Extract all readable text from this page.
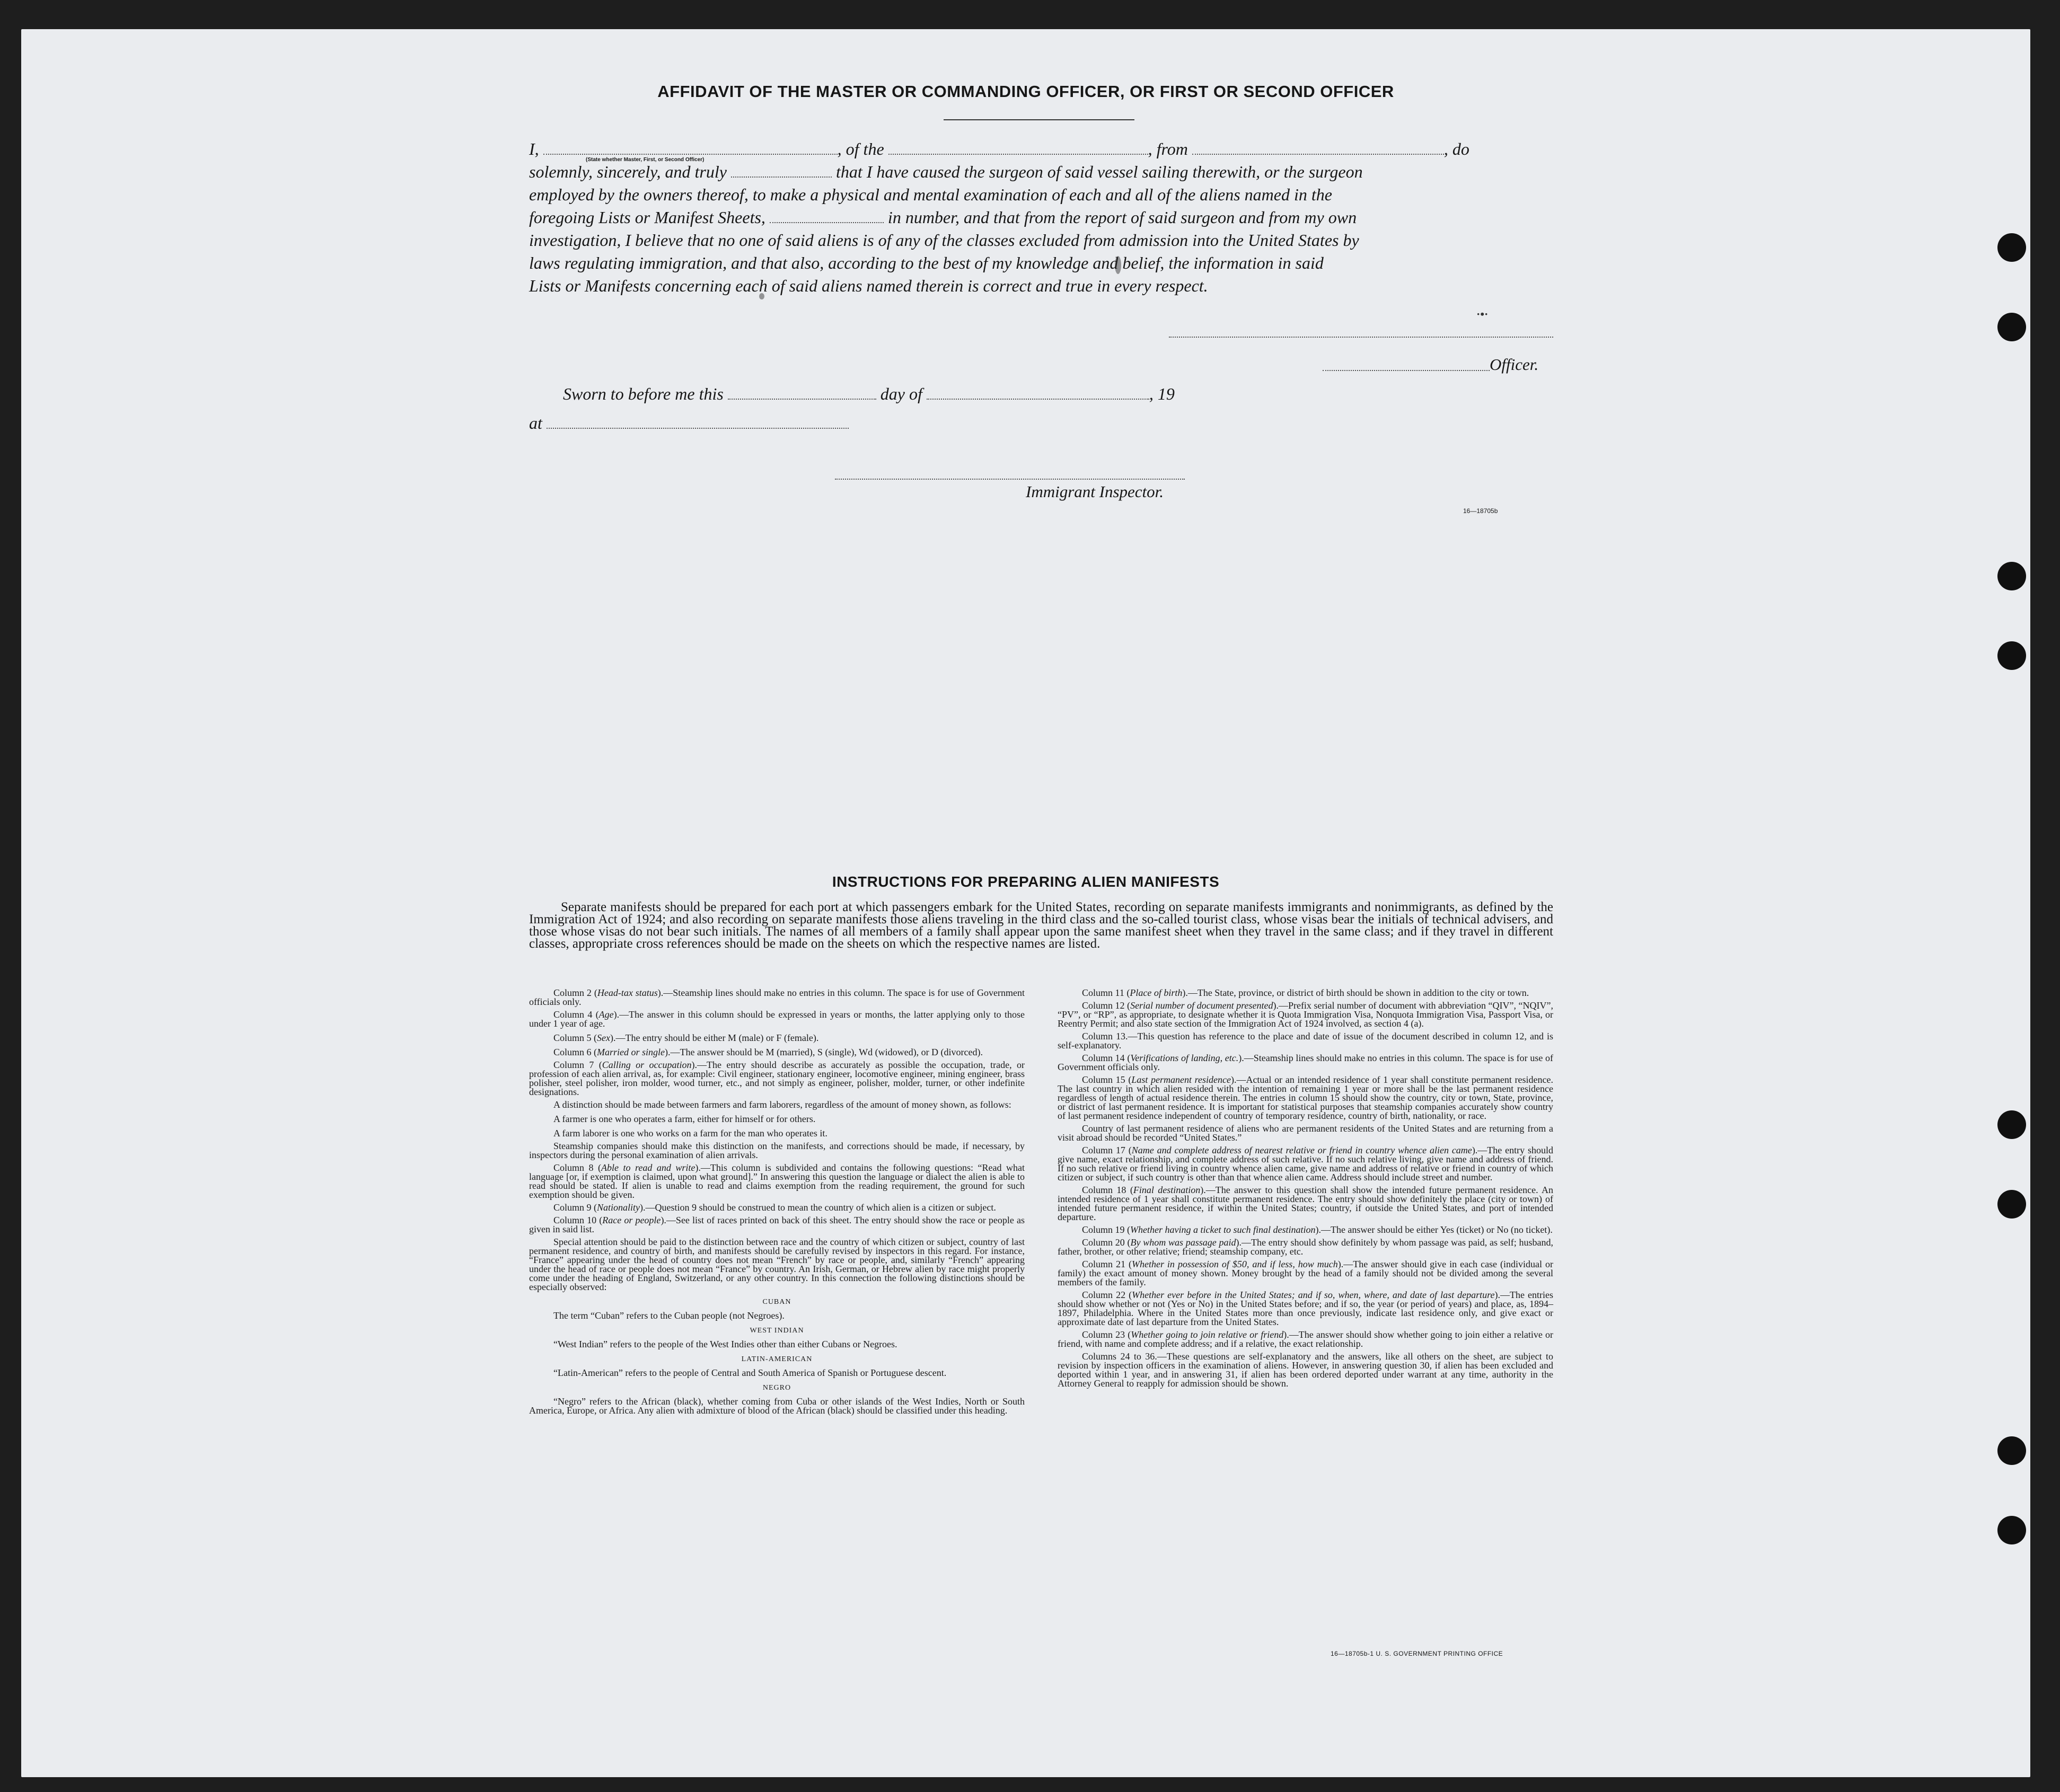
AFFIDAVIT OF THE MASTER OR COMMANDING OFFICER, OR FIRST OR SECOND OFFICER
I,	, of the	, from	, do
solemnly, sincerely, and truly	that I have caused the surgeon of said vessel sailing therewith, or the surgeon
employed by the owners thereof, to make a physical and mental examination of each and all of the aliens named in the
foregoing Lists or Manifest Sheets,	in number, and that from the report of said surgeon and from my own
investigation, I believe that no one of said aliens is of any of the classes excluded from admission into the United States by
laws regulating immigration, and that also, according to the best of my knowledge and belief, the information in said
Lists or Manifests concerning each of said aliens named therein is correct and true in every respect.
(State whether Master, First, or Second Officer)
Officer.
Sworn to before me this	day of	, 19
at
Immigrant Inspector.
16—18705b
·•·
INSTRUCTIONS FOR PREPARING ALIEN MANIFESTS

Separate manifests should be prepared for each port at which passengers embark for the United States, recording on separate manifests immigrants and nonimmigrants, as defined by the Immigration Act of 1924; and also recording on separate manifests those aliens traveling in the third class and the so-called tourist class, whose visas bear the initials of technical advisers, and those whose visas do not bear such initials. The names of all members of a family shall appear upon the same manifest sheet when they travel in the same class; and if they travel in different classes, appropriate cross references should be made on the sheets on which the respective names are listed.

Column 2 (Head-tax status).—Steamship lines should make no entries in this column. The space is for use of Government officials only.

Column 4 (Age).—The answer in this column should be expressed in years or months, the latter applying only to those under 1 year of age.

Column 5 (Sex).—The entry should be either M (male) or F (female).

Column 6 (Married or single).—The answer should be M (married), S (single), Wd (widowed), or D (divorced).

Column 7 (Calling or occupation).—The entry should describe as accurately as possible the occupation, trade, or profession of each alien arrival, as, for example: Civil engineer, stationary engineer, locomotive engineer, mining engineer, brass polisher, steel polisher, iron molder, wood turner, etc., and not simply as engineer, polisher, molder, turner, or other indefinite designations.

A distinction should be made between farmers and farm laborers, regardless of the amount of money shown, as follows:

A farmer is one who operates a farm, either for himself or for others.

A farm laborer is one who works on a farm for the man who operates it.

Steamship companies should make this distinction on the manifests, and corrections should be made, if necessary, by inspectors during the personal examination of alien arrivals.

Column 8 (Able to read and write).—This column is subdivided and contains the following questions: “Read what language [or, if exemption is claimed, upon what ground].” In answering this question the language or dialect the alien is able to read should be stated. If alien is unable to read and claims exemption from the reading requirement, the ground for such exemption should be given.

Column 9 (Nationality).—Question 9 should be construed to mean the country of which alien is a citizen or subject.

Column 10 (Race or people).—See list of races printed on back of this sheet. The entry should show the race or people as given in said list.

Special attention should be paid to the distinction between race and the country of which citizen or subject, country of last permanent residence, and country of birth, and manifests should be carefully revised by inspectors in this regard. For instance, “France” appearing under the head of country does not mean “French” by race or people, and, similarly “French” appearing under the head of race or people does not mean “France” by country. An Irish, German, or Hebrew alien by race might properly come under the heading of England, Switzerland, or any other country. In this connection the following distinctions should be especially observed:

CUBAN

The term “Cuban” refers to the Cuban people (not Negroes).

WEST INDIAN

“West Indian” refers to the people of the West Indies other than either Cubans or Negroes.

LATIN-AMERICAN

“Latin-American” refers to the people of Central and South America of Spanish or Portuguese descent.

NEGRO

“Negro” refers to the African (black), whether coming from Cuba or other islands of the West Indies, North or South America, Europe, or Africa. Any alien with admixture of blood of the African (black) should be classified under this heading.

Column 11 (Place of birth).—The State, province, or district of birth should be shown in addition to the city or town.

Column 12 (Serial number of document presented).—Prefix serial number of document with abbreviation “QIV”, “NQIV”, “PV”, or “RP”, as appropriate, to designate whether it is Quota Immigration Visa, Nonquota Immigration Visa, Passport Visa, or Reentry Permit; and also state section of the Immigration Act of 1924 involved, as section 4 (a).

Column 13.—This question has reference to the place and date of issue of the document described in column 12, and is self-explanatory.

Column 14 (Verifications of landing, etc.).—Steamship lines should make no entries in this column. The space is for use of Government officials only.

Column 15 (Last permanent residence).—Actual or an intended residence of 1 year shall constitute permanent residence. The last country in which alien resided with the intention of remaining 1 year or more shall be the last permanent residence regardless of length of actual residence therein. The entries in column 15 should show the country, city or town, State, province, or district of last permanent residence. It is important for statistical purposes that steamship companies accurately show country of last permanent residence independent of country of temporary residence, country of birth, nationality, or race.

Country of last permanent residence of aliens who are permanent residents of the United States and are returning from a visit abroad should be recorded “United States.”

Column 17 (Name and complete address of nearest relative or friend in country whence alien came).—The entry should give name, exact relationship, and complete address of such relative. If no such relative living, give name and address of friend. If no such relative or friend living in country whence alien came, give name and address of relative or friend in country of which citizen or subject, if such country is other than that whence alien came. Address should include street and number.

Column 18 (Final destination).—The answer to this question shall show the intended future permanent residence. An intended residence of 1 year shall constitute permanent residence. The entry should show definitely the place (city or town) of intended future permanent residence, if within the United States; country, if outside the United States, and port of intended departure.

Column 19 (Whether having a ticket to such final destination).—The answer should be either Yes (ticket) or No (no ticket).

Column 20 (By whom was passage paid).—The entry should show definitely by whom passage was paid, as self; husband, father, brother, or other relative; friend; steamship company, etc.

Column 21 (Whether in possession of $50, and if less, how much).—The answer should give in each case (individual or family) the exact amount of money shown. Money brought by the head of a family should not be divided among the several members of the family.

Column 22 (Whether ever before in the United States; and if so, when, where, and date of last departure).—The entries should show whether or not (Yes or No) in the United States before; and if so, the year (or period of years) and place, as, 1894–1897, Philadelphia. Where in the United States more than once previously, indicate last residence only, and give exact or approximate date of last departure from the United States.

Column 23 (Whether going to join relative or friend).—The answer should show whether going to join either a relative or friend, with name and complete address; and if a relative, the exact relationship.

Columns 24 to 36.—These questions are self-explanatory and the answers, like all others on the sheet, are subject to revision by inspection officers in the examination of aliens. However, in answering question 30, if alien has been excluded and deported within 1 year, and in answering 31, if alien has been ordered deported under warrant at any time, authority in the Attorney General to reapply for admission should be shown.

16—18705b-1 U. S. GOVERNMENT PRINTING OFFICE
